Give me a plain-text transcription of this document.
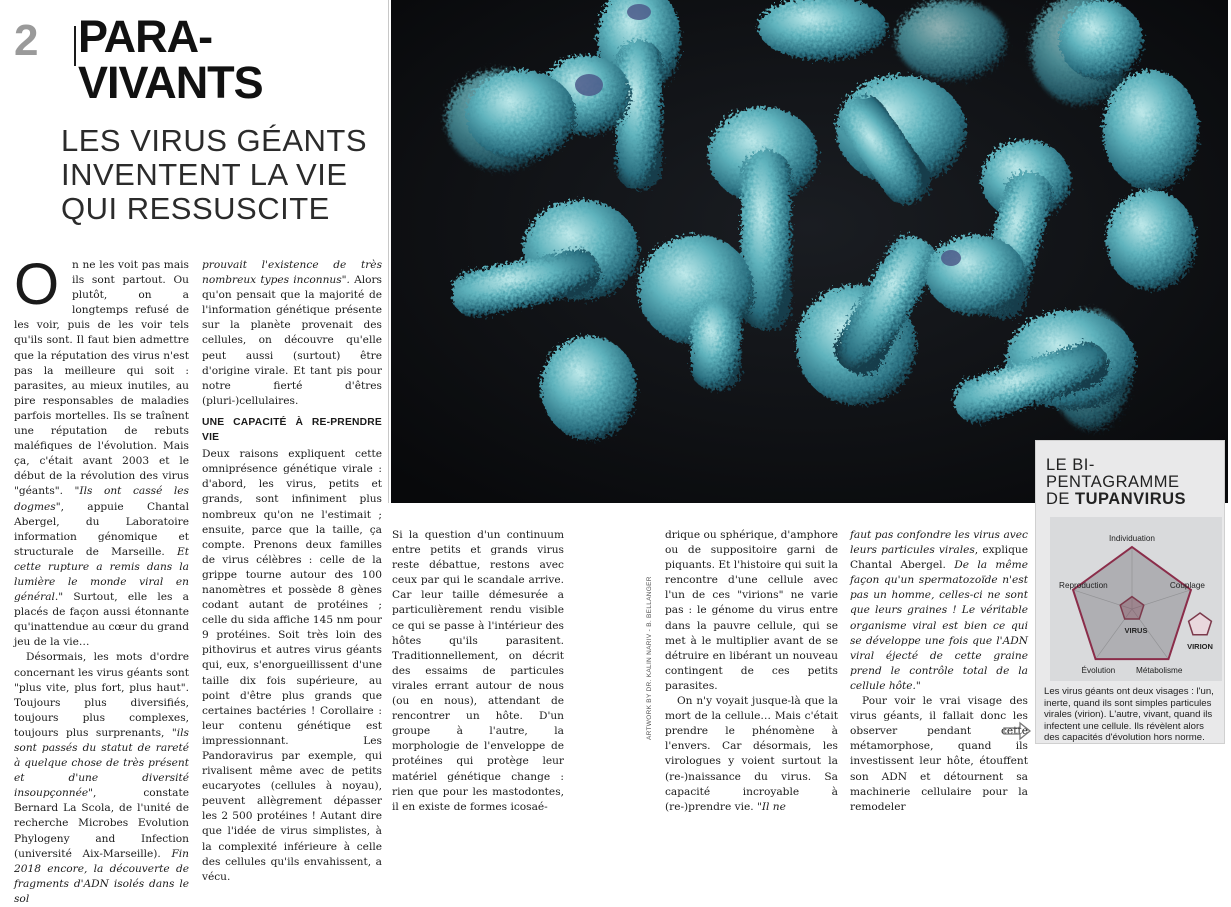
2 PARA-
VIVANTS
LES VIRUS GÉANTS
INVENTENT LA VIE
QUI RESSUSCITE

O	n ne les voit pas mais ils sont partout. Ou plutôt, on a longtemps refusé de les voir, puis de les voir tels qu'ils sont. Il faut bien admettre que la réputation des virus n'est pas la meilleure qui soit : parasites, au mieux inutiles, au pire responsables de maladies parfois mortelles. Ils se traînent une réputation de rebuts maléfiques de l'évolution. Mais ça, c'était avant 2003 et le début de la révolution des virus "géants". "Ils ont cassé les dogmes", appuie Chantal Abergel, du Laboratoire information génomique et structurale de Marseille. Et cette rupture a remis dans la lumière le monde viral en général." Surtout, elle les a placés de façon aussi étonnante qu'inattendue au cœur du grand jeu de la vie…

Désormais, les mots d'ordre concernant les virus géants sont "plus vite, plus fort, plus haut". Toujours plus diversifiés, toujours plus complexes, toujours plus surprenants, "ils sont passés du statut de rareté à quelque chose de très présent et d'une diversité insoupçonnée", constate Bernard La Scola, de l'unité de recherche Microbes Evolution Phylogeny and Infection (université Aix-Marseille). Fin 2018 encore, la découverte de fragments d'ADN isolés dans le sol

prouvait l'existence de très nombreux types inconnus". Alors qu'on pensait que la majorité de l'information génétique présente sur la planète provenait des cellules, on découvre qu'elle peut aussi (surtout) être d'origine virale. Et tant pis pour notre fierté d'êtres (pluri-)cellulaires.

UNE CAPACITÉ À RE-PRENDRE VIE

Deux raisons expliquent cette omniprésence génétique virale : d'abord, les virus, petits et grands, sont infiniment plus nombreux qu'on ne l'estimait ; ensuite, parce que la taille, ça compte. Prenons deux familles de virus célèbres : celle de la grippe tourne autour des 100 nanomètres et possède 8 gènes codant autant de protéines ; celle du sida affiche 145 nm pour 9 protéines. Soit très loin des pithovirus et autres virus géants qui, eux, s'enorgueillissent d'une taille dix fois supérieure, au point d'être plus grands que certaines bactéries ! Corollaire : leur contenu génétique est impressionnant. Les Pandoravirus par exemple, qui rivalisent même avec de petits eucaryotes (cellules à noyau), peuvent allègrement dépasser les 2 500 protéines ! Autant dire que l'idée de virus simplistes, à la complexité inférieure à celle des cellules qu'ils envahissent, a vécu.

Si la question d'un continuum entre petits et grands virus reste débattue, restons avec ceux par qui le scandale arrive. Car leur taille démesurée a particulièrement rendu visible ce qui se passe à l'intérieur des hôtes qu'ils parasitent. Traditionnellement, on décrit des essaims de particules virales errant autour de nous (ou en nous), attendant de rencontrer un hôte. D'un groupe à l'autre, la morphologie de l'enveloppe de protéines qui protège leur matériel génétique change : rien que pour les mastodontes, il en existe de formes icosaé-

ARTWORK BY DR. KALIN NARIV - B. BELLANGER

drique ou sphérique, d'amphore ou de suppositoire garni de piquants. Et l'histoire qui suit la rencontre d'une cellule avec l'un de ces "virions" ne varie pas : le génome du virus entre dans la pauvre cellule, qui se met à le multiplier avant de se détruire en libérant un nouveau contingent de ces petits parasites.

On n'y voyait jusque-là que la mort de la cellule… Mais c'était prendre le phénomène à l'envers. Car désormais, les virologues y voient surtout la (re-)naissance du virus. Sa capacité incroyable à (re-)prendre vie. "Il ne

faut pas confondre les virus avec leurs particules virales, explique Chantal Abergel. De la même façon qu'un spermatozoïde n'est pas un homme, celles-ci ne sont que leurs graines ! Le véritable organisme viral est bien ce qui se développe une fois que l'ADN viral éjecté de cette graine prend le contrôle total de la cellule hôte."

Pour voir le vrai visage des virus géants, il fallait donc les observer pendant cette métamorphose, quand ils investissent leur hôte, étouffent son ADN et détournent sa machinerie cellulaire pour la remodeler

LE BI-
PENTAGRAMME
DE TUPANVIRUS
Individuation
Couplage
Métabolisme
Évolution
Reproduction
VIRUS
VIRION
Les virus géants ont deux visages : l'un, inerte, quand ils sont simples particules virales (virion). L'autre, vivant, quand ils infectent une cellule. Ils révèlent alors des capacités d'évolution hors norme.
